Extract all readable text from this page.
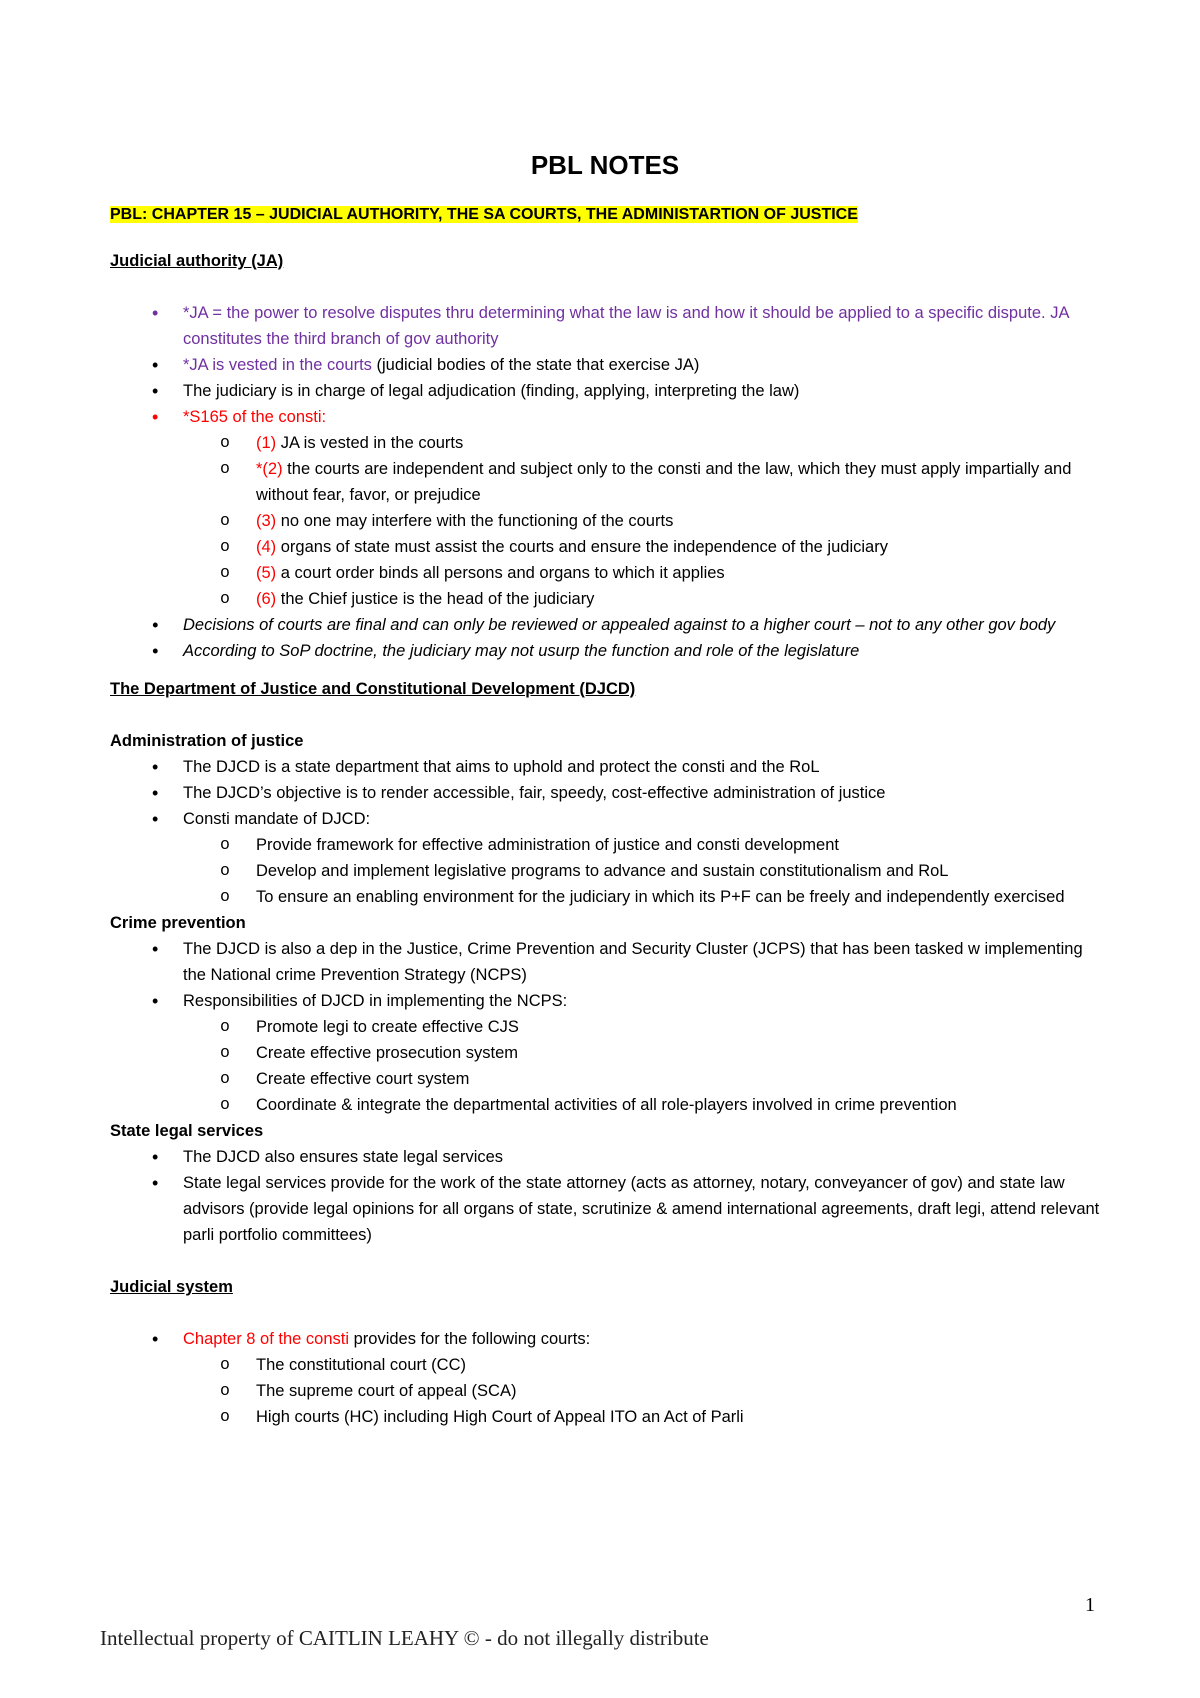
PBL NOTES
PBL: CHAPTER 15 – JUDICIAL AUTHORITY, THE SA COURTS, THE ADMINISTARTION OF JUSTICE
Judicial authority (JA)
• *JA = the power to resolve disputes thru determining what the law is and how it should be applied to a specific dispute. JA constitutes the third branch of gov authority
• *JA is vested in the courts (judicial bodies of the state that exercise JA)
• The judiciary is in charge of legal adjudication (finding, applying, interpreting the law)
• *S165 of the consti:
o (1) JA is vested in the courts
o *(2) the courts are independent and subject only to the consti and the law, which they must apply impartially and without fear, favor, or prejudice
o (3) no one may interfere with the functioning of the courts
o (4) organs of state must assist the courts and ensure the independence of the judiciary
o (5) a court order binds all persons and organs to which it applies
o (6) the Chief justice is the head of the judiciary
• Decisions of courts are final and can only be reviewed or appealed against to a higher court – not to any other gov body
• According to SoP doctrine, the judiciary may not usurp the function and role of the legislature
The Department of Justice and Constitutional Development (DJCD)
Administration of justice
• The DJCD is a state department that aims to uphold and protect the consti and the RoL
• The DJCD’s objective is to render accessible, fair, speedy, cost-effective administration of justice
• Consti mandate of DJCD:
o Provide framework for effective administration of justice and consti development
o Develop and implement legislative programs to advance and sustain constitutionalism and RoL
o To ensure an enabling environment for the judiciary in which its P+F can be freely and independently exercised
Crime prevention
• The DJCD is also a dep in the Justice, Crime Prevention and Security Cluster (JCPS) that has been tasked w implementing the National crime Prevention Strategy (NCPS)
• Responsibilities of DJCD in implementing the NCPS:
o Promote legi to create effective CJS
o Create effective prosecution system
o Create effective court system
o Coordinate & integrate the departmental activities of all role-players involved in crime prevention
State legal services
• The DJCD also ensures state legal services
• State legal services provide for the work of the state attorney (acts as attorney, notary, conveyancer of gov) and state law advisors (provide legal opinions for all organs of state, scrutinize & amend international agreements, draft legi, attend relevant parli portfolio committees)
Judicial system
• Chapter 8 of the consti provides for the following courts:
o The constitutional court (CC)
o The supreme court of appeal (SCA)
o High courts (HC) including High Court of Appeal ITO an Act of Parli
1
Intellectual property of CAITLIN LEAHY © - do not illegally distribute
